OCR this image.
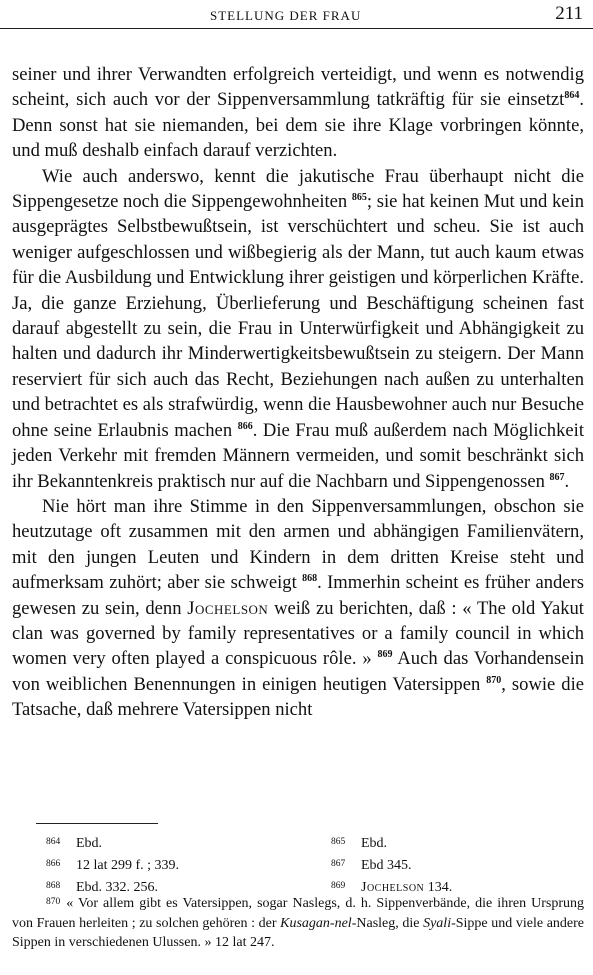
STELLUNG DER FRAU	211

seiner und ihrer Verwandten erfolgreich verteidigt, und wenn es notwendig scheint, sich auch vor der Sippenversammlung tatkräftig für sie einsetzt$^{864}$. Denn sonst hat sie niemanden, bei dem sie ihre Klage vorbringen könnte, und muß deshalb einfach darauf verzichten.

Wie auch anderswo, kennt die jakutische Frau überhaupt nicht die Sippengesetze noch die Sippengewohnheiten $^{865}$; sie hat keinen Mut und kein ausgeprägtes Selbstbewußtsein, ist verschüchtert und scheu. Sie ist auch weniger aufgeschlossen und wißbegierig als der Mann, tut auch kaum etwas für die Ausbildung und Entwicklung ihrer geistigen und körperlichen Kräfte. Ja, die ganze Erziehung, Überlieferung und Beschäftigung scheinen fast darauf abgestellt zu sein, die Frau in Unterwürfigkeit und Abhängigkeit zu halten und dadurch ihr Minderwertigkeitsbewußtsein zu steigern. Der Mann reserviert für sich auch das Recht, Beziehungen nach außen zu unterhalten und betrachtet es als strafwürdig, wenn die Hausbewohner auch nur Besuche ohne seine Erlaubnis machen $^{866}$. Die Frau muß außerdem nach Möglichkeit jeden Verkehr mit fremden Männern vermeiden, und somit beschränkt sich ihr Bekanntenkreis praktisch nur auf die Nachbarn und Sippengenossen $^{867}$.

Nie hört man ihre Stimme in den Sippenversammlungen, obschon sie heutzutage oft zusammen mit den armen und abhängigen Familienvätern, mit den jungen Leuten und Kindern in dem dritten Kreise steht und aufmerksam zuhört; aber sie schweigt $^{868}$. Immerhin scheint es früher anders gewesen zu sein, denn Jochelson weiß zu berichten, daß : « The old Yakut clan was governed by family representatives or a family council in which women very often played a conspicuous rôle. » $^{869}$ Auch das Vorhandensein von weiblichen Benennungen in einigen heutigen Vatersippen $^{870}$, sowie die Tatsache, daß mehrere Vatersippen nicht

864 Ebd.	865 Ebd.
866 12 lat 299 f. ; 339.	867 Ebd 345.
868 Ebd. 332. 256.	869 Jochelson 134.
870 « Vor allem gibt es Vatersippen, sogar Naslegs, d. h. Sippenverbände, die ihren Ursprung von Frauen herleiten ; zu solchen gehören : der Kusagan-nel-Nasleg, die Syali-Sippe und viele andere Sippen in verschiedenen Ulussen. » 12 lat 247.
